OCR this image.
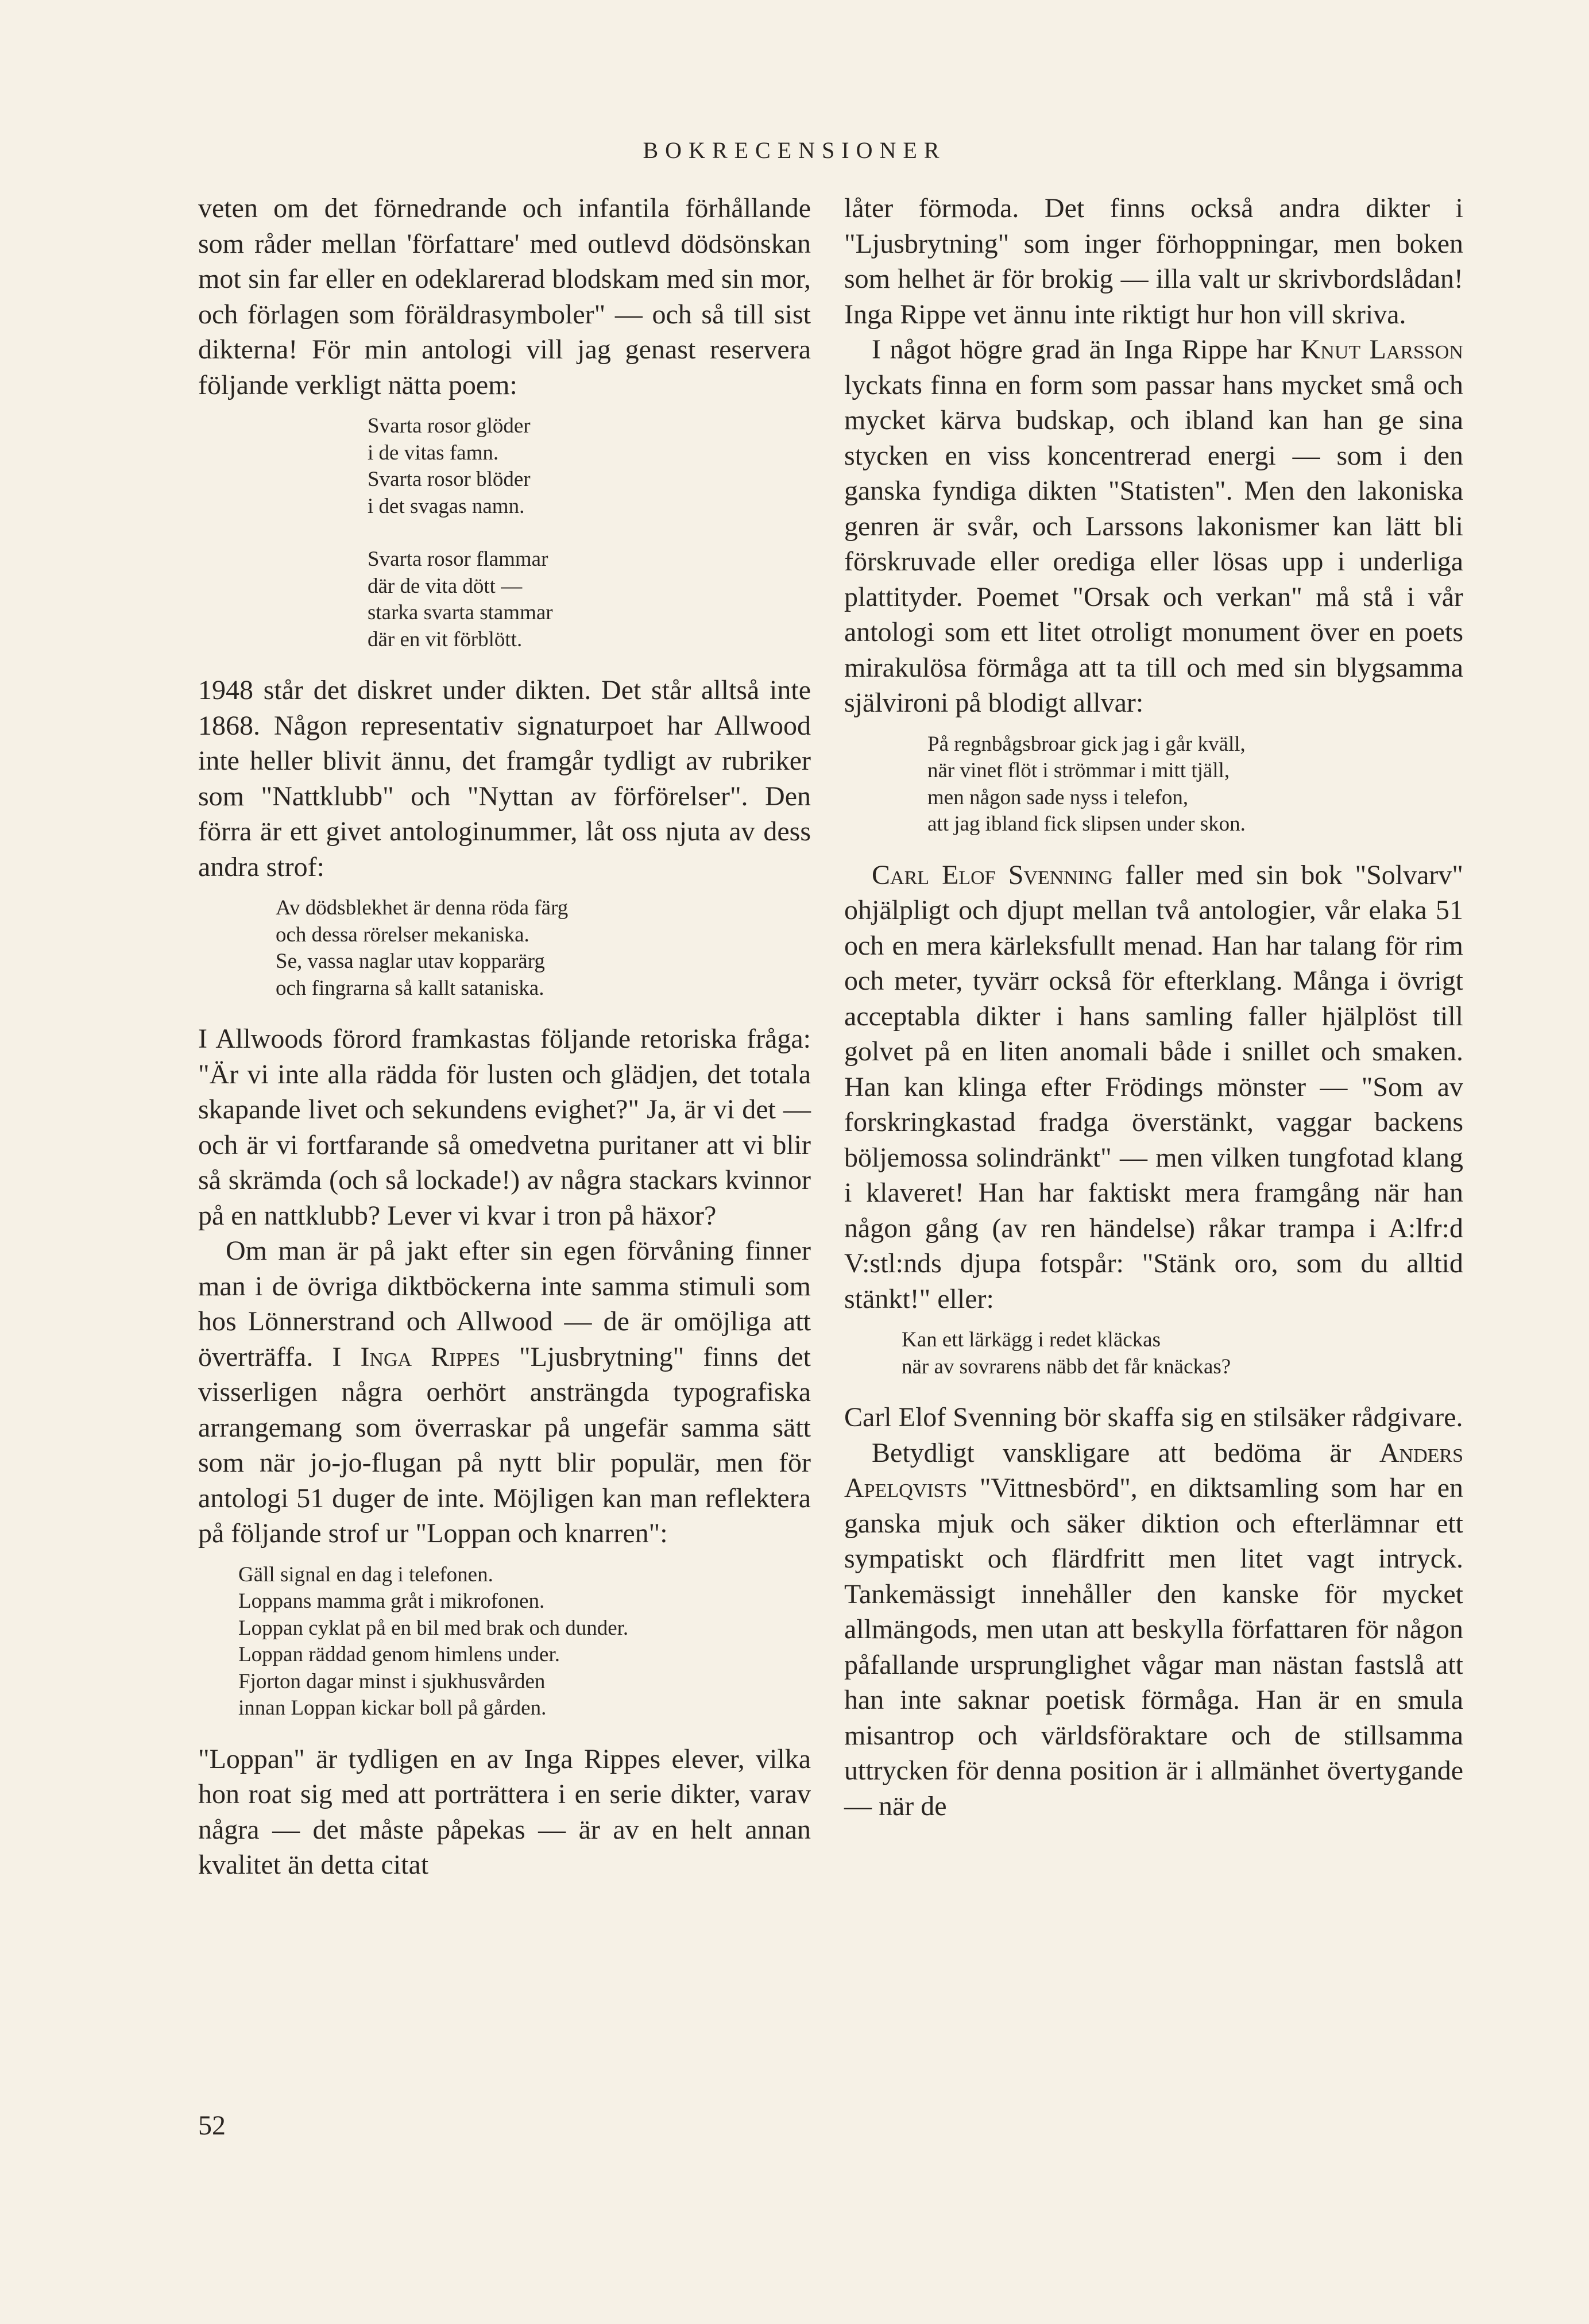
BOKRECENSIONER

veten om det förnedrande och infantila förhållande som råder mellan 'författare' med outlevd dödsönskan mot sin far eller en odeklarerad blodskam med sin mor, och förlagen som föräldrasymboler" — och så till sist dikterna! För min antologi vill jag genast reservera följande verkligt nätta poem:

Svarta rosor glöder
i de vitas famn.
Svarta rosor blöder
i det svagas namn.
Svarta rosor flammar
där de vita dött —
starka svarta stammar
där en vit förblött.

1948 står det diskret under dikten. Det står alltså inte 1868. Någon representativ signaturpoet har Allwood inte heller blivit ännu, det framgår tydligt av rubriker som "Nattklubb" och "Nyttan av förförelser". Den förra är ett givet antologinummer, låt oss njuta av dess andra strof:

Av dödsblekhet är denna röda färg
och dessa rörelser mekaniska.
Se, vassa naglar utav kopparärg
och fingrarna så kallt sataniska.

I Allwoods förord framkastas följande retoriska fråga: "Är vi inte alla rädda för lusten och glädjen, det totala skapande livet och sekundens evighet?" Ja, är vi det — och är vi fortfarande så omedvetna puritaner att vi blir så skrämda (och så lockade!) av några stackars kvinnor på en nattklubb? Lever vi kvar i tron på häxor?

Om man är på jakt efter sin egen förvåning finner man i de övriga diktböckerna inte samma stimuli som hos Lönnerstrand och Allwood — de är omöjliga att överträffa. I Inga Rippes "Ljusbrytning" finns det visserligen några oerhört ansträngda typografiska arrangemang som överraskar på ungefär samma sätt som när jo-jo-flugan på nytt blir populär, men för antologi 51 duger de inte. Möjligen kan man reflektera på följande strof ur "Loppan och knarren":

Gäll signal en dag i telefonen.
Loppans mamma gråt i mikrofonen.
Loppan cyklat på en bil med brak och dunder.
Loppan räddad genom himlens under.
Fjorton dagar minst i sjukhusvården
innan Loppan kickar boll på gården.

"Loppan" är tydligen en av Inga Rippes elever, vilka hon roat sig med att porträttera i en serie dikter, varav några — det måste påpekas — är av en helt annan kvalitet än detta citat

låter förmoda. Det finns också andra dikter i "Ljusbrytning" som inger förhoppningar, men boken som helhet är för brokig — illa valt ur skrivbordslådan! Inga Rippe vet ännu inte riktigt hur hon vill skriva.

I något högre grad än Inga Rippe har Knut Larsson lyckats finna en form som passar hans mycket små och mycket kärva budskap, och ibland kan han ge sina stycken en viss koncentrerad energi — som i den ganska fyndiga dikten "Statisten". Men den lakoniska genren är svår, och Larssons lakonismer kan lätt bli förskruvade eller orediga eller lösas upp i underliga plattityder. Poemet "Orsak och verkan" må stå i vår antologi som ett litet otroligt monument över en poets mirakulösa förmåga att ta till och med sin blygsamma självironi på blodigt allvar:

På regnbågsbroar gick jag i går kväll,
när vinet flöt i strömmar i mitt tjäll,
men någon sade nyss i telefon,
att jag ibland fick slipsen under skon.

Carl Elof Svenning faller med sin bok "Solvarv" ohjälpligt och djupt mellan två antologier, vår elaka 51 och en mera kärleksfullt menad. Han har talang för rim och meter, tyvärr också för efterklang. Många i övrigt acceptabla dikter i hans samling faller hjälplöst till golvet på en liten anomali både i snillet och smaken. Han kan klinga efter Frödings mönster — "Som av forskringkastad fradga överstänkt, vaggar backens böljemossa solindränkt" — men vilken tungfotad klang i klaveret! Han har faktiskt mera framgång när han någon gång (av ren händelse) råkar trampa i A:lfr:d V:stl:nds djupa fotspår: "Stänk oro, som du alltid stänkt!" eller:

Kan ett lärkägg i redet kläckas
när av sovrarens näbb det får knäckas?

Carl Elof Svenning bör skaffa sig en stilsäker rådgivare.

Betydligt vanskligare att bedöma är Anders Apelqvists "Vittnesbörd", en diktsamling som har en ganska mjuk och säker diktion och efterlämnar ett sympatiskt och flärdfritt men litet vagt intryck. Tankemässigt innehåller den kanske för mycket allmängods, men utan att beskylla författaren för någon påfallande ursprunglighet vågar man nästan fastslå att han inte saknar poetisk förmåga. Han är en smula misantrop och världsföraktare och de stillsamma uttrycken för denna position är i allmänhet övertygande — när de

52
